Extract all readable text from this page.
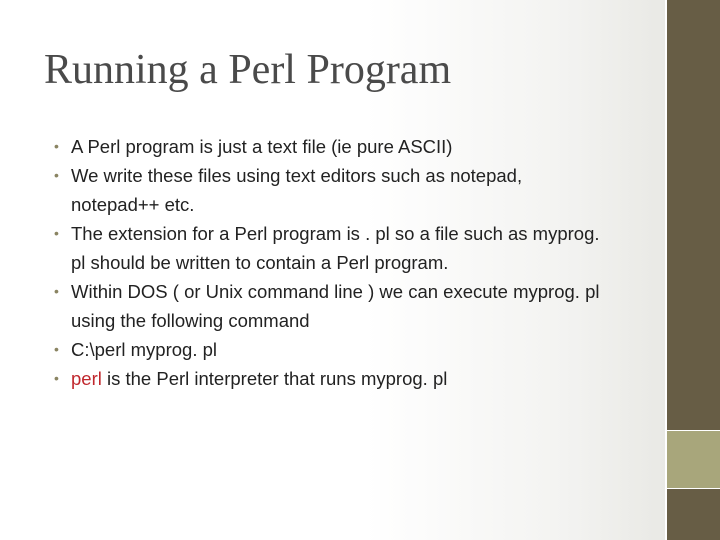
Running a Perl Program
• A Perl program is just a text file (ie pure ASCII)
• We write these files using text editors such as notepad, notepad++ etc.
• The extension for a Perl program is . pl so a file such as myprog. pl should be written to contain a Perl program.
• Within DOS ( or Unix command line ) we can execute myprog. pl using the following command
• C:\perl myprog. pl
• perl is the Perl interpreter that runs myprog. pl
